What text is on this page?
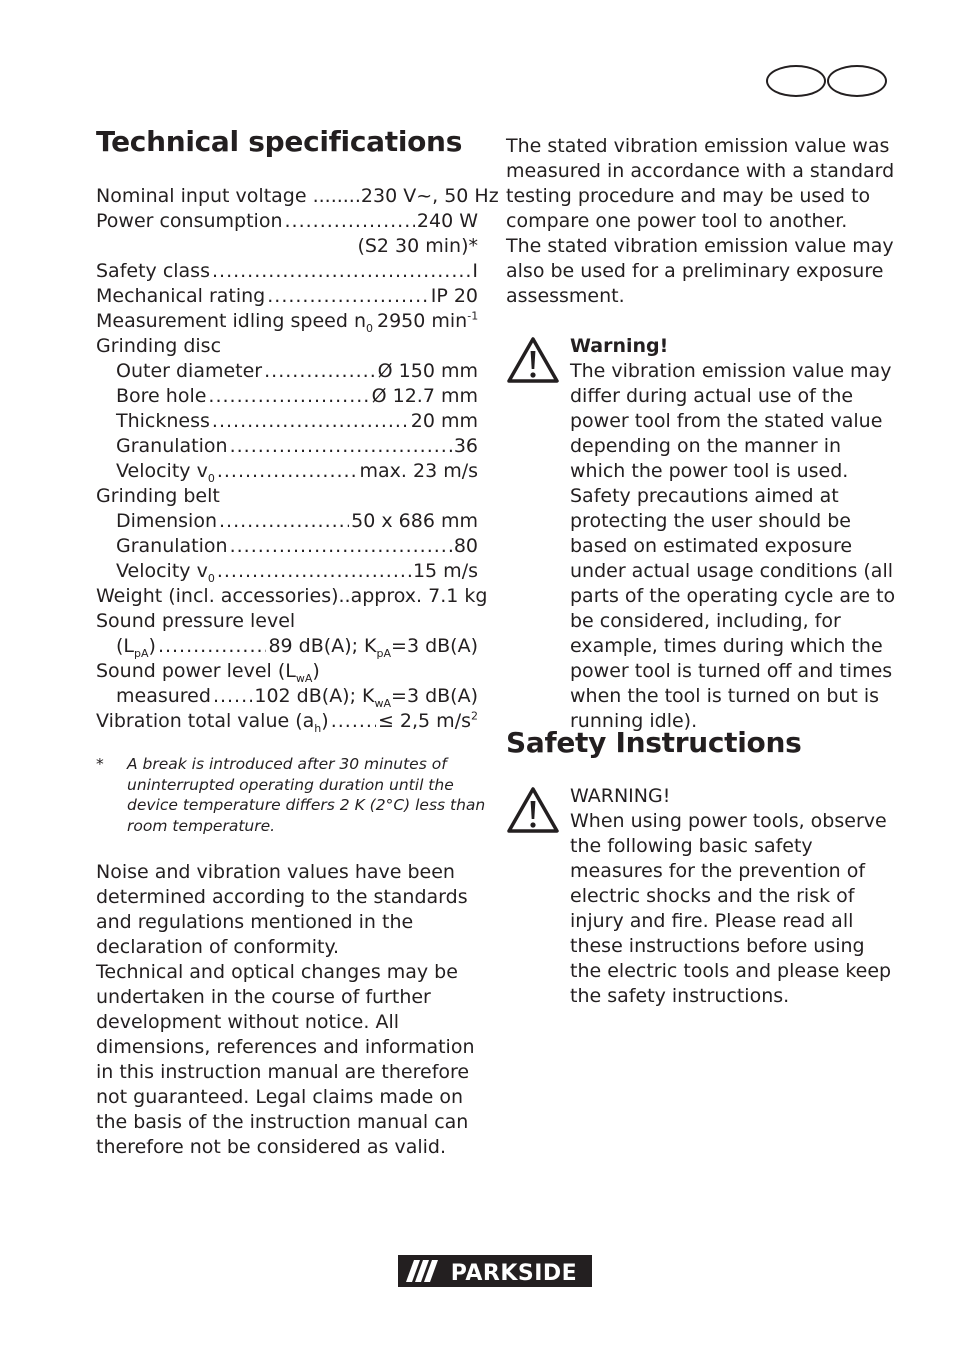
Technical specifications
Nominal input voltage ........ 230 V~, 50 Hz
Power consumption .....	240 W
(S2 30 min)*
Safety class .....	I
Mechanical rating .....	IP 20
Measurement idling speed $n_0$ 2950 $\min^{-1}$
Grinding disc
Outer diameter .....	Ø 150 mm
Bore hole .....	Ø 12.7 mm
Thickness .....	20 mm
Granulation .....	36
Velocity $v_0$ .....	max. 23 m/s
Grinding belt
Dimension .....	50 x 686 mm
Granulation .....	80
Velocity $v_0$ .....	15 m/s
Weight (incl. accessories).. approx. 7.1 kg
Sound pressure level
$(L_{pA})$ .....	89 dB(A); $K_{pA}=3$ dB(A)
Sound power level $(L_{wA})$
measured ..... 102 dB(A); $K_{wA}=3$ dB(A)
Vibration total value $(a_h)$ .....	≤ 2,5 $m/s^2$
* A break is introduced after 30 minutes of uninterrupted operating duration until the device temperature differs 2 K (2°C) less than room temperature.
Noise and vibration values have been determined according to the standards and regulations mentioned in the declaration of conformity.
Technical and optical changes may be undertaken in the course of further development without notice. All dimensions, references and information in this instruction manual are therefore not guaranteed. Legal claims made on the basis of the instruction manual can therefore not be considered as valid.
The stated vibration emission value was measured in accordance with a standard testing procedure and may be used to compare one power tool to another.
The stated vibration emission value may also be used for a preliminary exposure assessment.
Warning!
The vibration emission value may differ during actual use of the power tool from the stated value depending on the manner in which the power tool is used.
Safety precautions aimed at protecting the user should be based on estimated exposure under actual usage conditions (all parts of the operating cycle are to be considered, including, for example, times during which the power tool is turned off and times when the tool is turned on but is running idle).
Safety Instructions
WARNING!
When using power tools, observe the following basic safety measures for the prevention of electric shocks and the risk of injury and fire. Please read all these instructions before using the electric tools and please keep the safety instructions.
PARKSIDE
